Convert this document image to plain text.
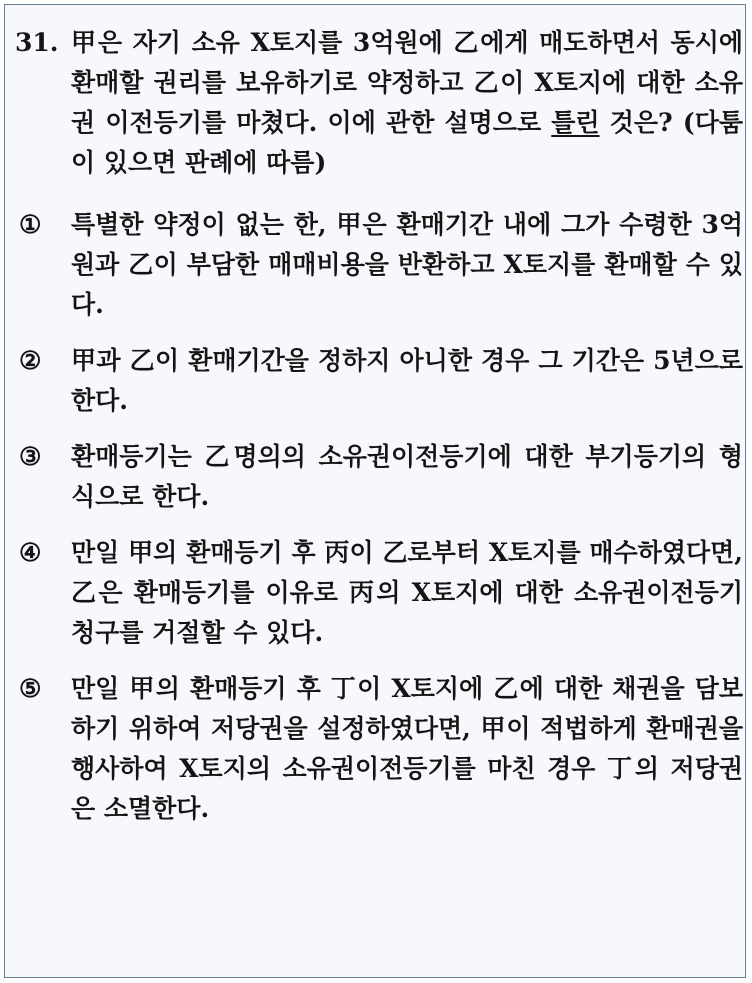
31. 甲은 자기 소유 X토지를 3억원에 乙에게 매도하면서 동시에 환매할 권리를 보유하기로 약정하고 乙이 X토지에 대한 소유권 이전등기를 마쳤다. 이에 관한 설명으로 틀린 것은? (다툼이 있으면 판례에 따름)
①	특별한 약정이 없는 한, 甲은 환매기간 내에 그가 수령한 3억원과 乙이 부담한 매매비용을 반환하고 X토지를 환매할 수 있다.
②	甲과 乙이 환매기간을 정하지 아니한 경우 그 기간은 5년으로 한다.
③	환매등기는 乙명의의 소유권이전등기에 대한 부기등기의 형식으로 한다.
④	만일 甲의 환매등기 후 丙이 乙로부터 X토지를 매수하였다면, 乙은 환매등기를 이유로 丙의 X토지에 대한 소유권이전등기청구를 거절할 수 있다.
⑤	만일 甲의 환매등기 후 丁이 X토지에 乙에 대한 채권을 담보하기 위하여 저당권을 설정하였다면, 甲이 적법하게 환매권을 행사하여 X토지의 소유권이전등기를 마친 경우 丁의 저당권은 소멸한다.
